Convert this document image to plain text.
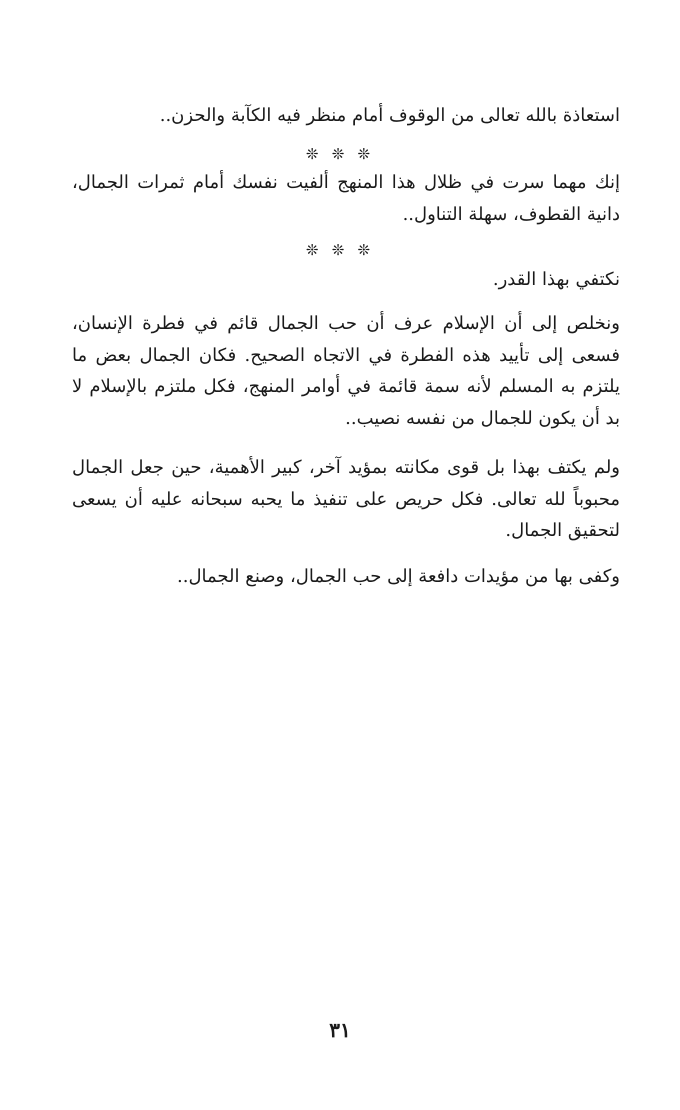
استعاذة بالله تعالى من الوقوف أمام منظر فيه الكآبة والحزن..

❊ ❊ ❊

إنك مهما سرت في ظلال هذا المنهج ألفيت نفسك أمام ثمرات الجمال، دانية القطوف، سهلة التناول..

❊ ❊ ❊

نكتفي بهذا القدر.

ونخلص إلى أن الإسلام عرف أن حب الجمال قائم في فطرة الإنسان، فسعى إلى تأييد هذه الفطرة في الاتجاه الصحيح. فكان الجمال بعض ما يلتزم به المسلم لأنه سمة قائمة في أوامر المنهج، فكل ملتزم بالإسلام لا بد أن يكون للجمال من نفسه نصيب..

ولم يكتف بهذا بل قوى مكانته بمؤيد آخر، كبير الأهمية، حين جعل الجمال محبوباً لله تعالى. فكل حريص على تنفيذ ما يحبه سبحانه عليه أن يسعى لتحقيق الجمال.

وكفى بها من مؤيدات دافعة إلى حب الجمال، وصنع الجمال..

٣١
